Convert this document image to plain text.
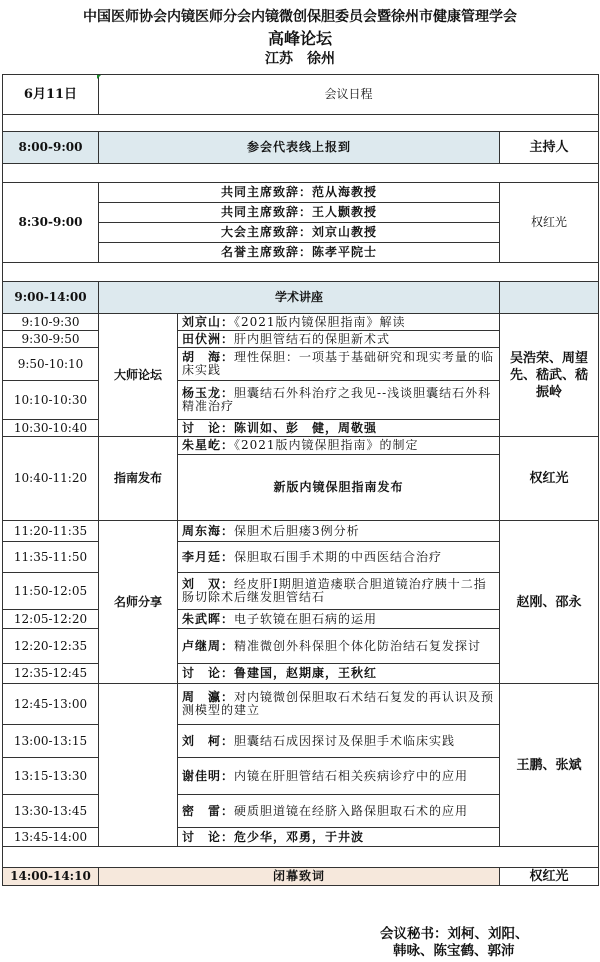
中国医师协会内镜医师分会内镜微创保胆委员会暨徐州市健康管理学会
高峰论坛
江苏　徐州
6月11日	会议日程		

8:00-9:00	参会代表线上报到		主持人

8:30-9:00	共同主席致辞：范从海教授		权红光
	共同主席致辞：王人颢教授		
	大会主席致辞：刘京山教授		
	名誉主席致辞：陈孝平院士		

9:00-14:00	学术讲座		
9:10-9:30	大师论坛	刘京山：《2021版内镜保胆指南》解读	吴浩荣、周望先、嵇武、嵇振岭
9:30-9:50		田伏洲：肝内胆管结石的保胆新术式	
9:50-10:10		胡　海：理性保胆：一项基于基础研究和现实考量的临床实践	
10:10-10:30		杨玉龙：胆囊结石外科治疗之我见--浅谈胆囊结石外科精准治疗	
10:30-10:40		讨　论：陈训如、彭　健，周敬强	
10:40-11:20	指南发布	朱星屹：《2021版内镜保胆指南》的制定	权红光
		新版内镜保胆指南发布	
11:20-11:35	名师分享	周东海：保胆术后胆瘘3例分析	赵刚、邵永
11:35-11:50		李月廷：保胆取石围手术期的中西医结合治疗	
11:50-12:05		刘　双：经皮肝I期胆道造瘘联合胆道镜治疗胰十二指肠切除术后继发胆管结石	
12:05-12:20		朱武晖：电子软镜在胆石病的运用	
12:20-12:35		卢继周：精准微创外科保胆个体化防治结石复发探讨	
12:35-12:45		讨　论：鲁建国，赵期康，王秋红	
12:45-13:00		周　瀛：对内镜微创保胆取石术结石复发的再认识及预测模型的建立	王鹏、张斌
13:00-13:15		刘　柯：胆囊结石成因探讨及保胆手术临床实践	
13:15-13:30		谢佳明：内镜在肝胆管结石相关疾病诊疗中的应用	
13:30-13:45		密　雷：硬质胆道镜在经脐入路保胆取石术的应用	
13:45-14:00		讨　论：危少华，邓勇，于井波	

14:00-14:10	闭幕致词		权红光
会议秘书：刘柯、刘阳、
韩咏、陈宝鹤、郭沛
